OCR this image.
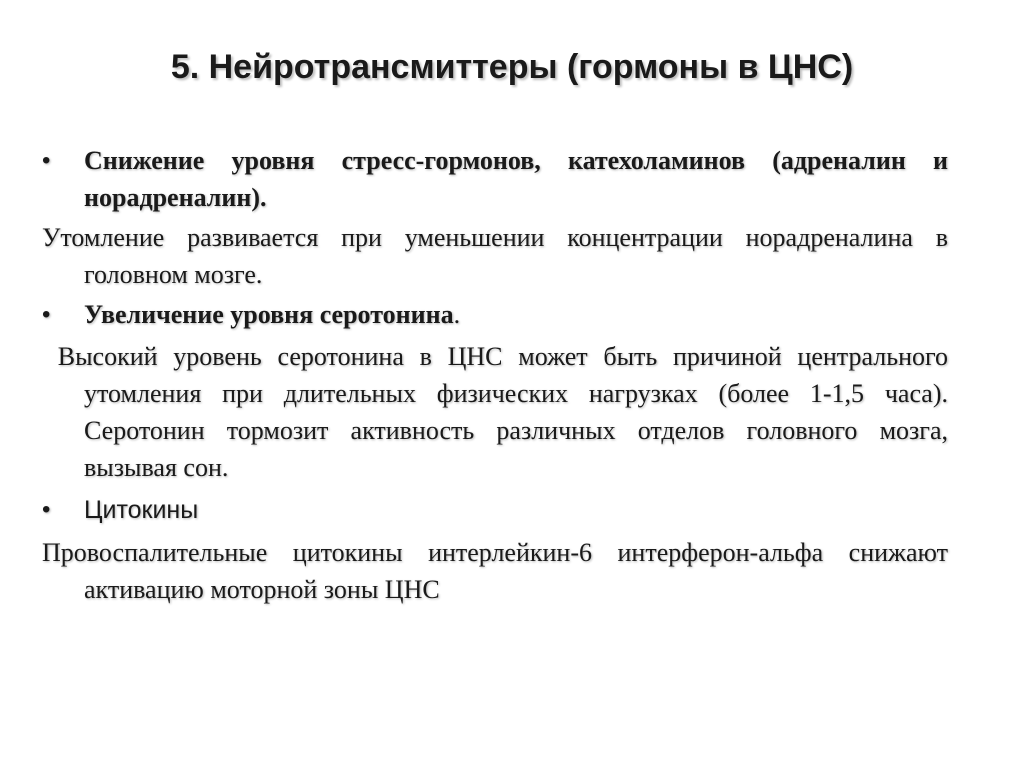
5. Нейротрансмиттеры (гормоны в ЦНС)
• Снижение уровня стресс-гормонов, катехоламинов (адреналин и норадреналин).
Утомление развивается при уменьшении концентрации норадреналина в головном мозге.
• Увеличение уровня серотонина.
Высокий уровень серотонина в ЦНС может быть причиной центрального утомления при длительных физических нагрузках (более 1-1,5 часа). Серотонин тормозит активность различных отделов головного мозга, вызывая сон.
• Цитокины
Провоспалительные цитокины интерлейкин-6 интерферон-альфа снижают активацию моторной зоны ЦНС
